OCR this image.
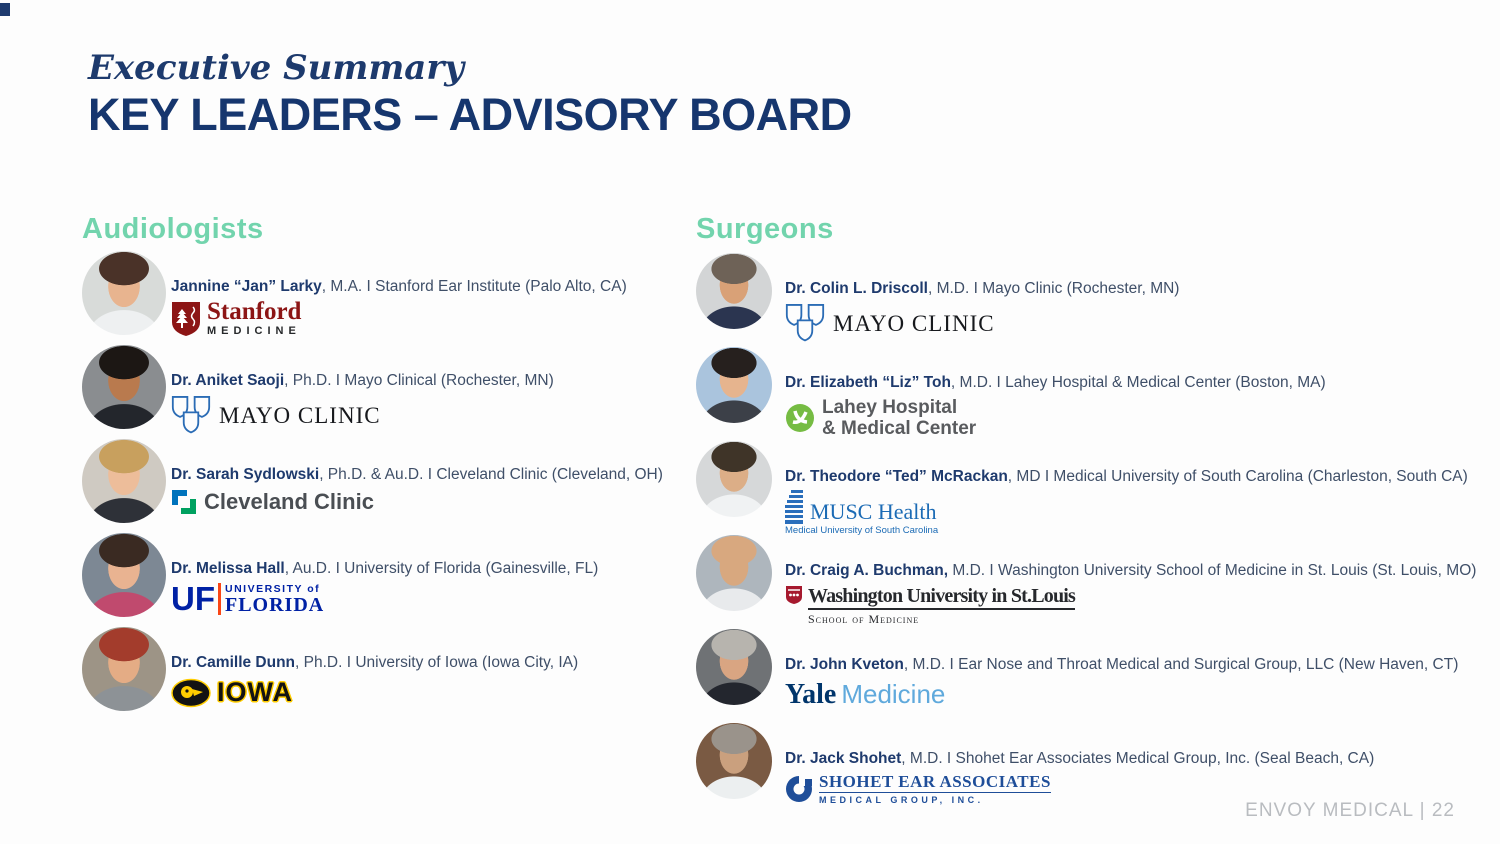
Executive Summary
KEY LEADERS – ADVISORY BOARD
Audiologists
Jannine “Jan” Larky, M.A. I Stanford Ear Institute (Palo Alto, CA)
Stanford
MEDICINE
Dr. Aniket Saoji, Ph.D. I Mayo Clinical (Rochester, MN)
MAYO CLINIC
Dr. Sarah Sydlowski, Ph.D. & Au.D. I Cleveland Clinic (Cleveland, OH)
Cleveland Clinic
Dr. Melissa Hall, Au.D. I University of Florida (Gainesville, FL)
UF UNIVERSITY of
FLORIDA
Dr. Camille Dunn, Ph.D. I University of Iowa (Iowa City, IA)
IOWA
Surgeons
Dr. Colin L. Driscoll, M.D. I Mayo Clinic (Rochester, MN)
MAYO CLINIC
Dr. Elizabeth “Liz” Toh, M.D. I Lahey Hospital & Medical Center (Boston, MA)
Lahey Hospital
& Medical Center
Dr. Theodore “Ted” McRackan, MD I Medical University of South Carolina (Charleston, South CA)
MUSC Health
Medical University of South Carolina
Dr. Craig A. Buchman, M.D. I Washington University School of Medicine in St. Louis (St. Louis, MO)
Washington University in St.Louis
School of Medicine
Dr. John Kveton, M.D. I Ear Nose and Throat Medical and Surgical Group, LLC (New Haven, CT)
Yale Medicine
Dr. Jack Shohet, M.D. I Shohet Ear Associates Medical Group, Inc. (Seal Beach, CA)
SHOHET EAR ASSOCIATES
MEDICAL GROUP, INC.	ENVOY MEDICAL | 22
